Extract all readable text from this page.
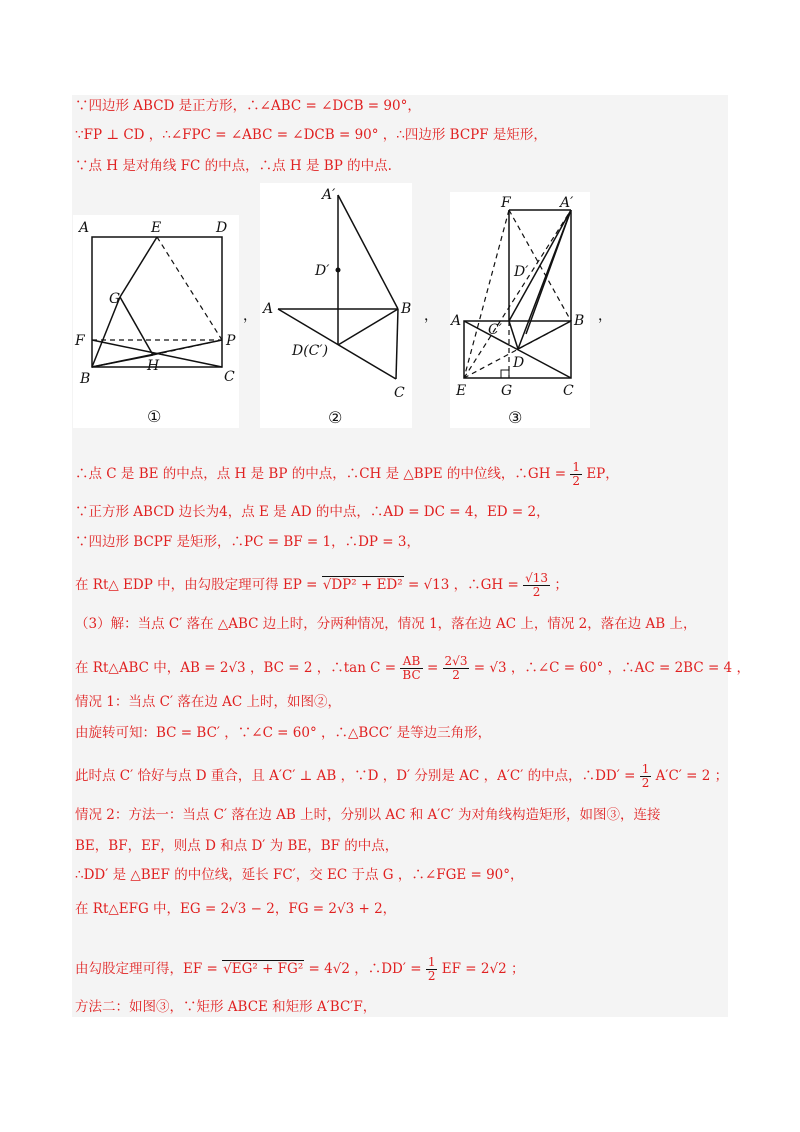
∵四边形 ABCD 是正方形，∴∠ABC = ∠DCB = 90°，
∵FP ⊥ CD ，∴∠FPC = ∠ABC = ∠DCB = 90° ，∴四边形 BCPF 是矩形，
∵点 H 是对角线 FC 的中点，∴点 H 是 BP 的中点.
A	E	D
G
F	P
H
B	C
①
，
A′
D′
A	B
D(C′)
C
②
，
F	A′
D′
A
C′
B
D
E G	C
③
，
∴点 C 是 BE 的中点，点 H 是 BP 的中点，∴CH 是 △BPE 的中位线，∴GH = $\frac{1}{2}$ EP，
∵正方形 ABCD 边长为4，点 E 是 AD 的中点，∴AD = DC = 4，ED = 2，
∵四边形 BCPF 是矩形，∴PC = BF = 1，∴DP = 3，
在 Rt△ EDP 中，由勾股定理可得 EP = √DP² + ED² = √13 ，∴GH = $\frac{√13}{2}$ ；
（3）解：当点 C′ 落在 △ABC 边上时，分两种情况，情况 1，落在边 AC 上，情况 2，落在边 AB 上，
在 Rt△ABC 中，AB = 2√3 ，BC = 2 ，∴tan $C = \frac{AB}{BC} = \frac{2√3}{2} = √3$ ，∴∠C = 60° ，∴AC = 2BC = 4 ，
情况 1：当点 C′ 落在边 AC 上时，如图②，
由旋转可知：BC = BC′ ，∵∠C = 60° ，∴△BCC′ 是等边三角形，
此时点 C′ 恰好与点 D 重合，且 A′C′ ⊥ AB ，∵D ，D′ 分别是 AC ，A′C′ 的中点，∴DD′ = $\frac{1}{2} A'C' = 2$ ；
情况 2：方法一：当点 C′ 落在边 AB 上时，分别以 AC 和 A′C′ 为对角线构造矩形，如图③，连接
BE，BF，EF，则点 D 和点 D′ 为 BE，BF 的中点，
∴DD′ 是 △BEF 的中位线，延长 FC′，交 EC 于点 G ，∴∠FGE = 90°，
在 Rt△EFG 中，EG = 2√3 − 2，FG = 2√3 + 2，
由勾股定理可得，EF = √EG² + FG² = 4√2 ，∴DD′ = $\frac{1}{2}$ EF = 2√2 ；
方法二：如图③，∵矩形 ABCE 和矩形 A′BC′F，
